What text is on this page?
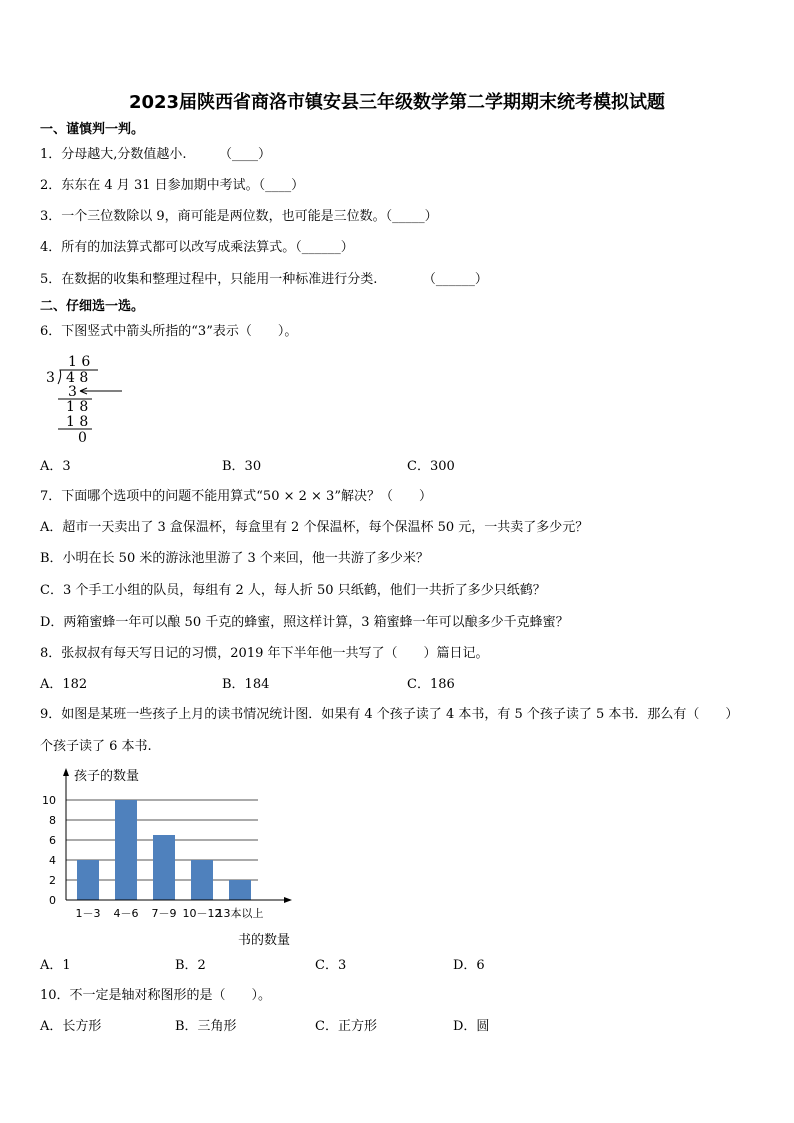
2023届陕西省商洛市镇安县三年级数学第二学期期末统考模拟试题
一、谨慎判一判。
1．分母越大,分数值越小.　　　（____）
2．东东在 4 月 31 日参加期中考试。（____）
3．一个三位数除以 9，商可能是两位数，也可能是三位数。（_____）
4．所有的加法算式都可以改写成乘法算式。（______）
5．在数据的收集和整理过程中，只能用一种标准进行分类.　　　　（______）
二、仔细选一选。
6．下图竖式中箭头所指的“3”表示（　　）。
1 6
3 4 8
3
1 8
1 8
0
A．3	B．30	C．300
7．下面哪个选项中的问题不能用算式“50 × 2 × 3”解决？（　　）
A．超市一天卖出了 3 盒保温杯，每盒里有 2 个保温杯，每个保温杯 50 元，一共卖了多少元？
B．小明在长 50 米的游泳池里游了 3 个来回，他一共游了多少米？
C．3 个手工小组的队员，每组有 2 人，每人折 50 只纸鹤，他们一共折了多少只纸鹤？
D．两箱蜜蜂一年可以酿 50 千克的蜂蜜，照这样计算，3 箱蜜蜂一年可以酿多少千克蜂蜜？
8．张叔叔有每天写日记的习惯，2019 年下半年他一共写了（　　）篇日记。
A．182	B．184	C．186
9．如图是某班一些孩子上月的读书情况统计图．如果有 4 个孩子读了 4 本书，有 5 个孩子读了 5 本书．那么有（　　）
个孩子读了 6 本书.
孩子的数量
书的数量
0
2
4
6
8
10
1－3 4－6 7－9 10－12
13本以上
A．1	B．2	C．3	D．6
10．不一定是轴对称图形的是（　　）。
A．长方形	B．三角形	C．正方形	D．圆
